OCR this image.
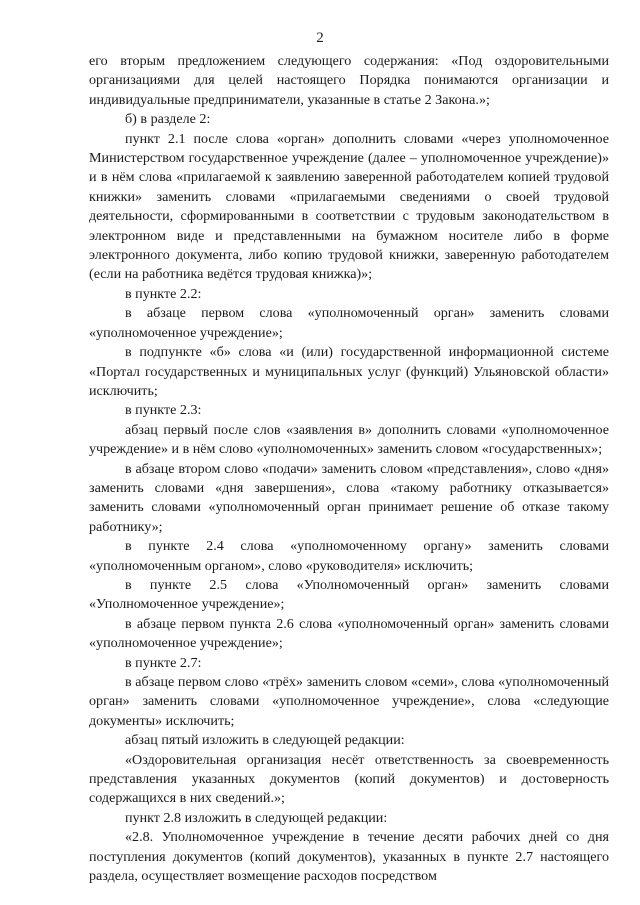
2

его вторым предложением следующего содержания: «Под оздоровительными организациями для целей настоящего Порядка понимаются организации и индивидуальные предприниматели, указанные в статье 2 Закона.»;

б) в разделе 2:

пункт 2.1 после слова «орган» дополнить словами «через уполномоченное Министерством государственное учреждение (далее – уполномоченное учреждение)» и в нём слова «прилагаемой к заявлению заверенной работодателем копией трудовой книжки» заменить словами «прилагаемыми сведениями о своей трудовой деятельности, сформированными в соответствии с трудовым законодательством в электронном виде и представленными на бумажном носителе либо в форме электронного документа, либо копию трудовой книжки, заверенную работодателем (если на работника ведётся трудовая книжка)»;

в пункте 2.2:

в абзаце первом слова «уполномоченный орган» заменить словами «уполномоченное учреждение»;

в подпункте «б» слова «и (или) государственной информационной системе «Портал государственных и муниципальных услуг (функций) Ульяновской области» исключить;

в пункте 2.3:

абзац первый после слов «заявления в» дополнить словами «уполномоченное учреждение» и в нём слово «уполномоченных» заменить словом «государственных»;

в абзаце втором слово «подачи» заменить словом «представления», слово «дня» заменить словами «дня завершения», слова «такому работнику отказывается» заменить словами «уполномоченный орган принимает решение об отказе такому работнику»;

в пункте 2.4 слова «уполномоченному органу» заменить словами «уполномоченным органом», слово «руководителя» исключить;

в пункте 2.5 слова «Уполномоченный орган» заменить словами «Уполномоченное учреждение»;

в абзаце первом пункта 2.6 слова «уполномоченный орган» заменить словами «уполномоченное учреждение»;

в пункте 2.7:

в абзаце первом слово «трёх» заменить словом «семи», слова «уполномоченный орган» заменить словами «уполномоченное учреждение», слова «следующие документы» исключить;

абзац пятый изложить в следующей редакции:

«Оздоровительная организация несёт ответственность за своевременность представления указанных документов (копий документов) и достоверность содержащихся в них сведений.»;

пункт 2.8 изложить в следующей редакции:

«2.8. Уполномоченное учреждение в течение десяти рабочих дней со дня поступления документов (копий документов), указанных в пункте 2.7 настоящего раздела, осуществляет возмещение расходов посредством
